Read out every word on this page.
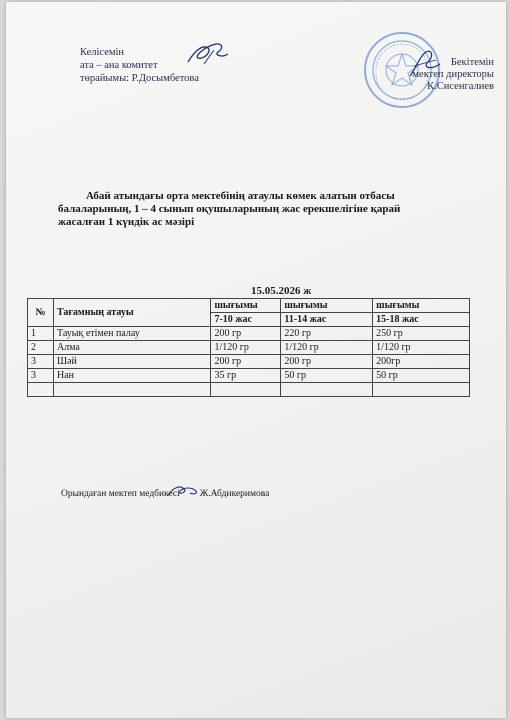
Келісемін
ата – ана комитет
төрайымы: Р.Досымбетова
Бекітемін
мектеп директоры
К.Сисенгалиев
Абай атындағы орта мектебінің атаулы көмек алатын отбасы
балаларының, 1 – 4 сынып оқушыларының жас ерекшелігіне қарай
жасалған 1 күндік ас мәзірі
15.05.2026 ж
№	Тағамның атауы	шығымы	шығымы	шығымы
		7-10 жас	11-14 жас	15-18 жас
1	Тауық етімен палау	200 гр	220 гр	250 гр
2	Алма	1/120 гр	1/120 гр	1/120 гр
3	Шәй	200 гр	200 гр	200гр
3	Нан	35 гр	50 гр	50 гр

Орындаған мектеп медбикесі Ж.Абдикеримова
